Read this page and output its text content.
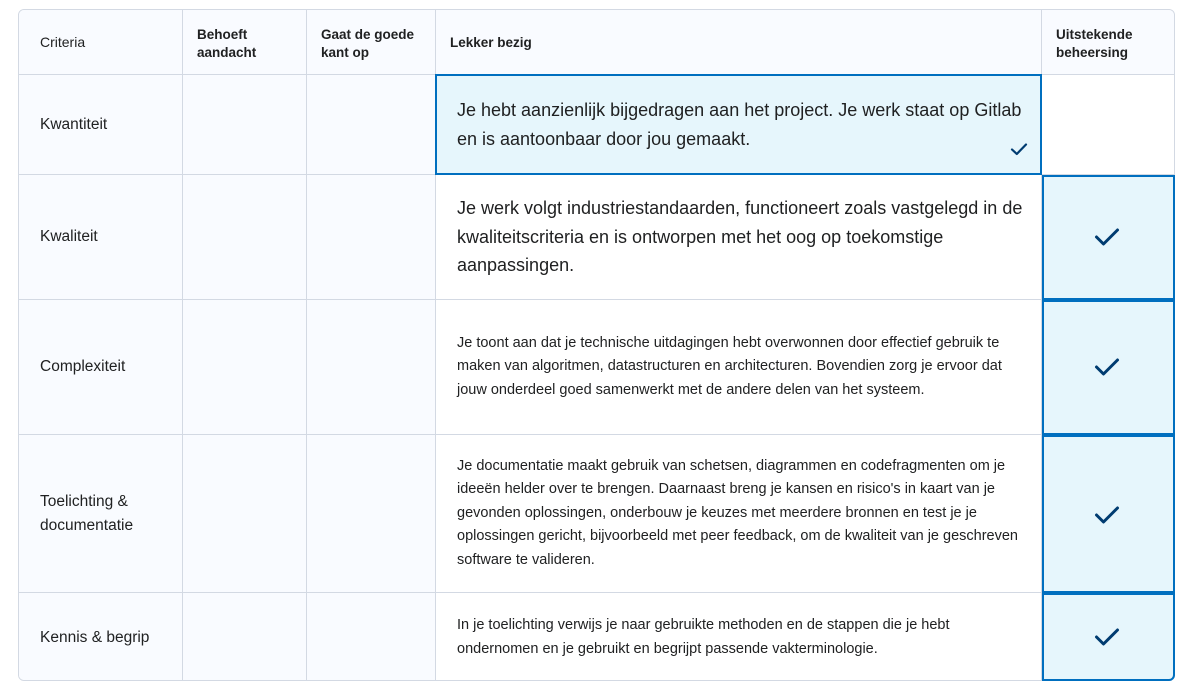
Criteria	Behoeft aandacht
Gaat de goede kant op
Lekker bezig
Uitstekende beheersing
Kwantiteit
Je hebt aanzienlijk bijgedragen aan het project. Je werk staat op Gitlab en is aantoonbaar door jou gemaakt.
Kwaliteit
Je werk volgt industriestandaarden, functioneert zoals vastgelegd in de kwaliteitscriteria en is ontworpen met het oog op toekomstige aanpassingen.
Complexiteit
Je toont aan dat je technische uitdagingen hebt overwonnen door effectief gebruik te maken van algoritmen, datastructuren en architecturen. Bovendien zorg je ervoor dat jouw onderdeel goed samenwerkt met de andere delen van het systeem.
Toelichting & documentatie
Je documentatie maakt gebruik van schetsen, diagrammen en codefragmenten om je ideeën helder over te brengen. Daarnaast breng je kansen en risico's in kaart van je gevonden oplossingen, onderbouw je keuzes met meerdere bronnen en test je je oplossingen gericht, bijvoorbeeld met peer feedback, om de kwaliteit van je geschreven software te valideren.
Kennis & begrip
In je toelichting verwijs je naar gebruikte methoden en de stappen die je hebt ondernomen en je gebruikt en begrijpt passende vakterminologie.
